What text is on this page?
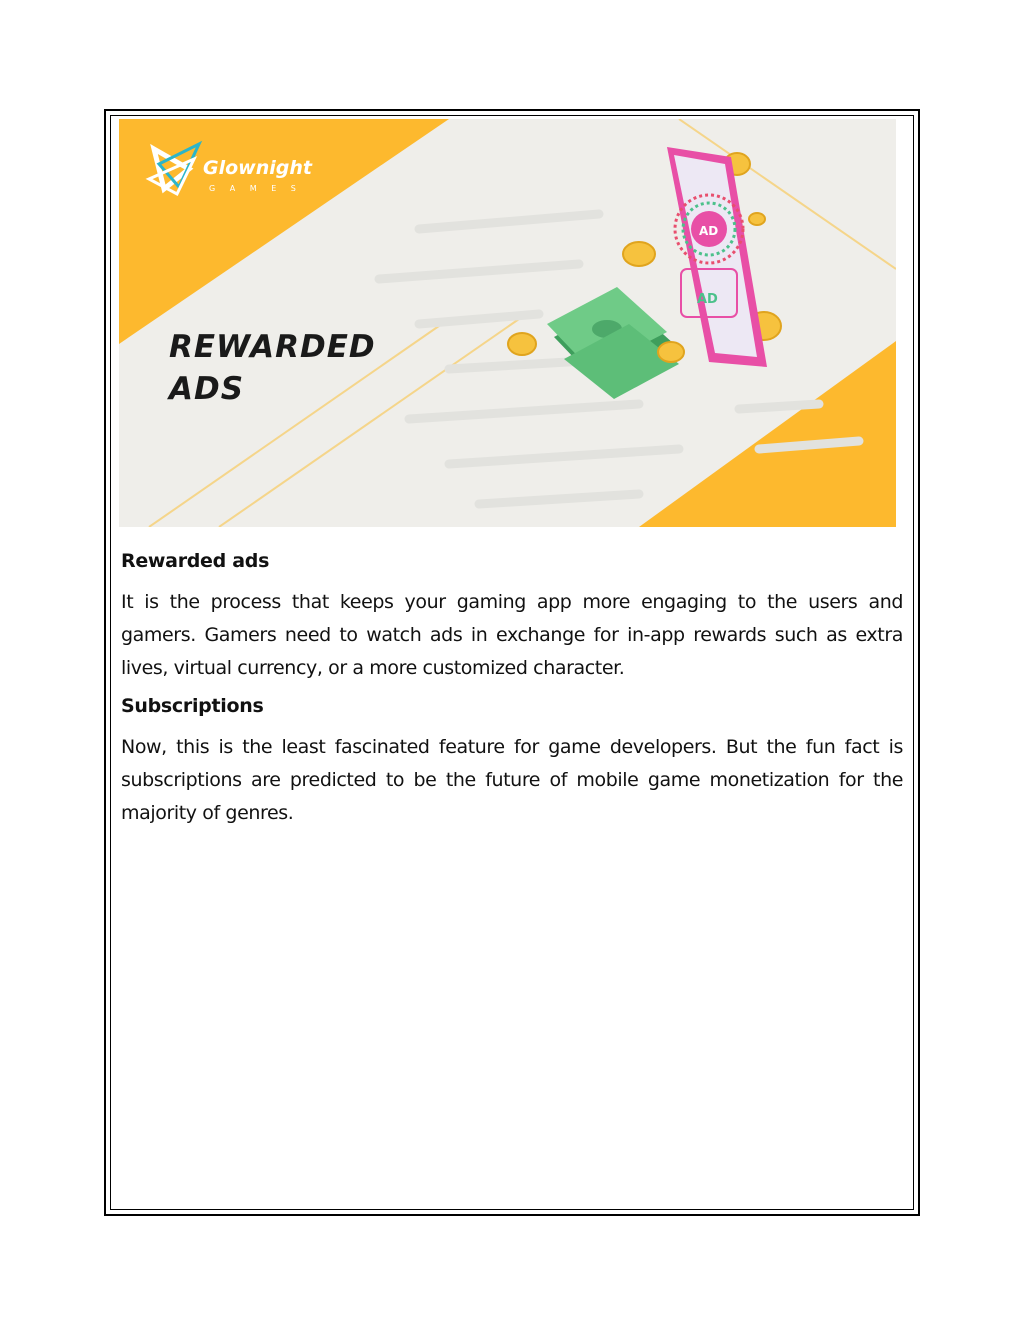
Glownight
G A M E S
REWARDED
ADS
AD
AD
Rewarded ads

It is the process that keeps your gaming app more engaging to the users and gamers. Gamers need to watch ads in exchange for in-app rewards such as extra lives, virtual currency, or a more customized character.

Subscriptions

Now, this is the least fascinated feature for game developers. But the fun fact is subscriptions are predicted to be the future of mobile game monetization for the majority of genres.
